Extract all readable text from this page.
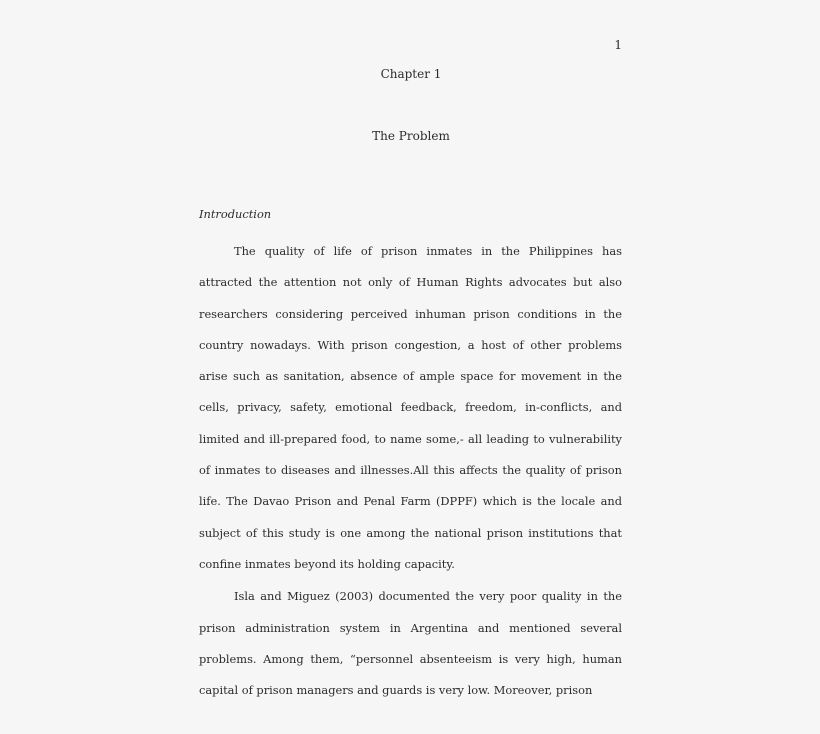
1
Chapter 1
The Problem
Introduction

The quality of life of prison inmates in the Philippines has attracted the attention not only of Human Rights advocates but also researchers considering perceived inhuman prison conditions in the country nowadays. With prison congestion, a host of other problems arise such as sanitation, absence of ample space for movement in the cells, privacy, safety, emotional feedback, freedom, in-conflicts, and limited and ill-prepared food, to name some,- all leading to vulnerability of inmates to diseases and illnesses.All this affects the quality of prison life. The Davao Prison and Penal Farm (DPPF) which is the locale and subject of this study is one among the national prison institutions that confine inmates beyond its holding capacity.

Isla and Miguez (2003) documented the very poor quality in the prison administration system in Argentina and mentioned several problems. Among them, “personnel absenteeism is very high, human capital of prison managers and guards is very low. Moreover, prison
